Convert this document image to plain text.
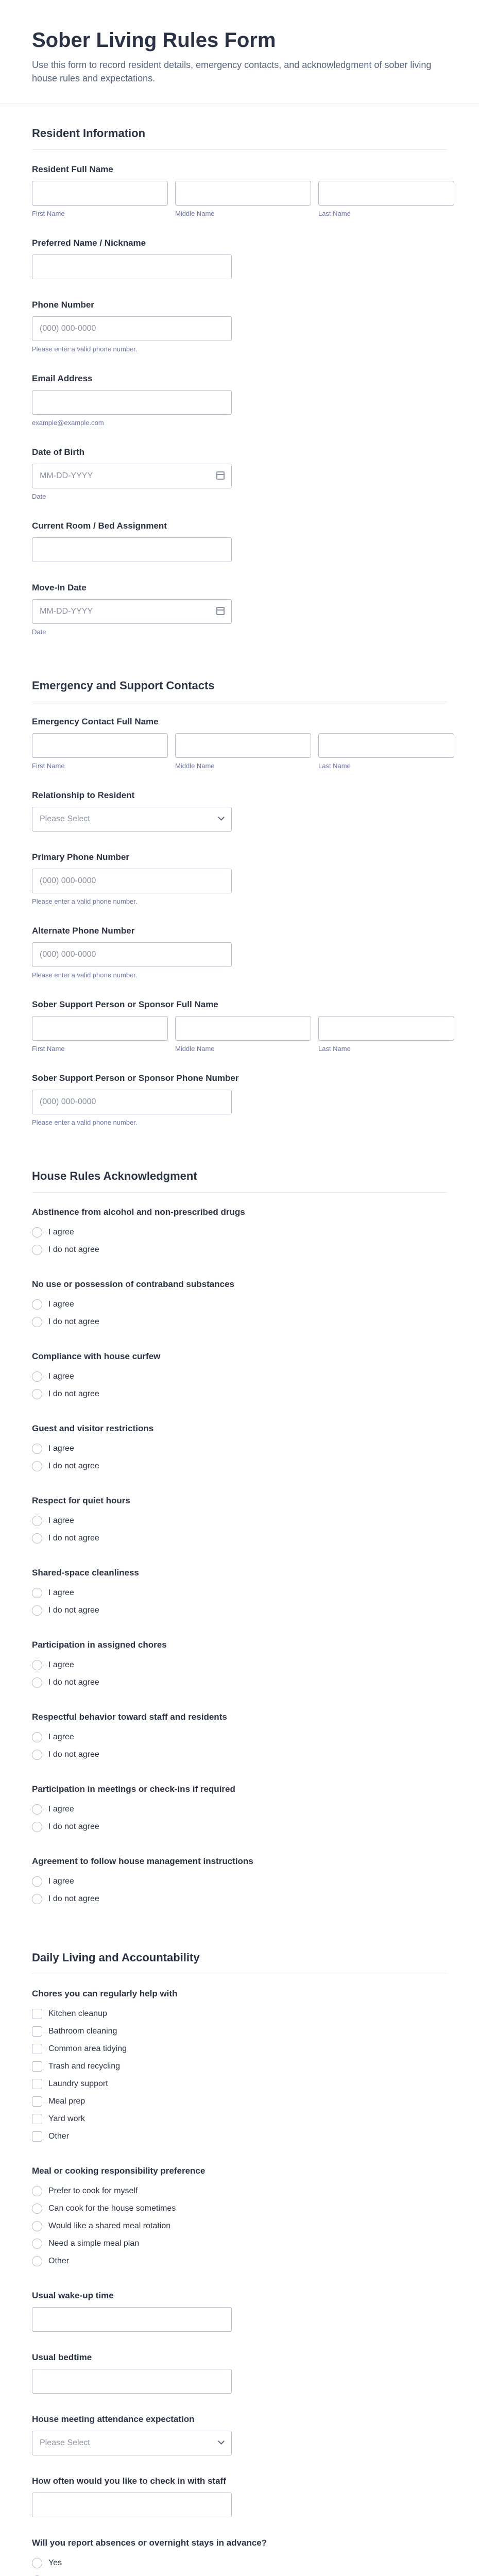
Sober Living Rules Form

Use this form to record resident details, emergency contacts, and acknowledgment of sober living house rules and expectations.

Resident Information
Resident Full Name
First Name	Middle Name	Last Name
Preferred Name / Nickname
Phone Number
(000) 000-0000
Please enter a valid phone number.
Email Address
example@example.com
Date of Birth
MM-DD-YYYY
Date
Current Room / Bed Assignment
Move-In Date
MM-DD-YYYY
Date
Emergency and Support Contacts
Emergency Contact Full Name
First Name	Middle Name	Last Name
Relationship to Resident
Please Select
Primary Phone Number
(000) 000-0000
Please enter a valid phone number.
Alternate Phone Number
(000) 000-0000
Please enter a valid phone number.
Sober Support Person or Sponsor Full Name
First Name	Middle Name	Last Name
Sober Support Person or Sponsor Phone Number
(000) 000-0000
Please enter a valid phone number.
House Rules Acknowledgment
Abstinence from alcohol and non-prescribed drugs
I agree
I do not agree
No use or possession of contraband substances
I agree
I do not agree
Compliance with house curfew
I agree
I do not agree
Guest and visitor restrictions
I agree
I do not agree
Respect for quiet hours
I agree
I do not agree
Shared-space cleanliness
I agree
I do not agree
Participation in assigned chores
I agree
I do not agree
Respectful behavior toward staff and residents
I agree
I do not agree
Participation in meetings or check-ins if required
I agree
I do not agree
Agreement to follow house management instructions
I agree
I do not agree
Daily Living and Accountability
Chores you can regularly help with
Kitchen cleanup
Bathroom cleaning
Common area tidying
Trash and recycling
Laundry support
Meal prep
Yard work
Other
Meal or cooking responsibility preference
Prefer to cook for myself
Can cook for the house sometimes
Would like a shared meal rotation
Need a simple meal plan
Other
Usual wake-up time
Usual bedtime
House meeting attendance expectation
Please Select
How often would you like to check in with staff
Will you report absences or overnight stays in advance?
Yes
